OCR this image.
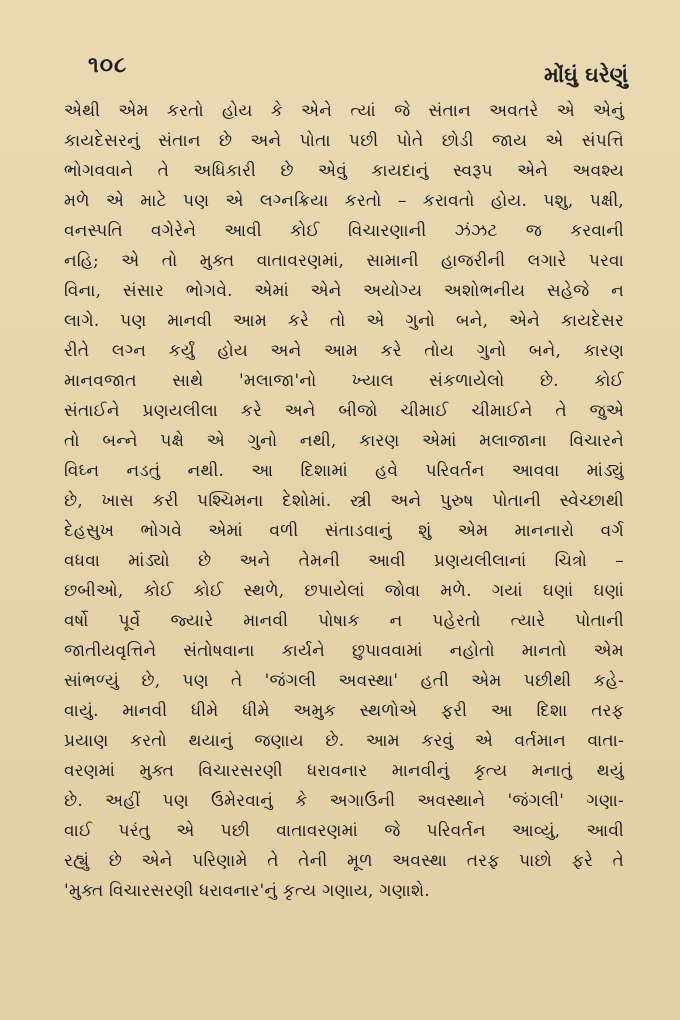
૧૦૮	મોંઘું ઘરેણું
એથી એમ કરતો હોય કે એને ત્યાં જે સંતાન અવતરે એ એનું
કાયદેસરનું સંતાન છે અને પોતા પછી પોતે છોડી જાય એ સંપત્તિ
ભોગવવાને તે અધિકારી છે એવું કાયદાનું સ્વરૂપ એને અવશ્ય
મળે એ માટે પણ એ લગ્નક્રિયા કરતો – કરાવતો હોય. પશુ, પક્ષી,
વનસ્પતિ વગેરેને આવી કોઈ વિચારણાની ઝંઝટ જ કરવાની
નહિ; એ તો મુક્ત વાતાવરણમાં, સામાની હાજરીની લગારે પરવા
વિના, સંસાર ભોગવે. એમાં એને અયોગ્ય અશોભનીય સહેજે ન
લાગે. પણ માનવી આમ કરે તો એ ગુનો બને, એને કાયદેસર
રીતે લગ્ન કર્યું હોય અને આમ કરે તોય ગુનો બને, કારણ
માનવજાત સાથે 'મલાજા'નો ખ્યાલ સંકળાયેલો છે. કોઈ
સંતાઈને પ્રણયલીલા કરે અને બીજો ચીમાઈ ચીમાઈને તે જુએ
તો બન્ને પક્ષે એ ગુનો નથી, કારણ એમાં મલાજાના વિચારને
વિઘ્ન નડતું નથી. આ દિશામાં હવે પરિવર્તન આવવા માંડ્યું
છે, ખાસ કરી પશ્ચિમના દેશોમાં. સ્ત્રી અને પુરુષ પોતાની સ્વેચ્છાથી
દેહસુખ ભોગવે એમાં વળી સંતાડવાનું શું એમ માનનારો વર્ગ
વધવા માંડ્યો છે અને તેમની આવી પ્રણયલીલાનાં ચિત્રો –
છબીઓ, કોઈ કોઈ સ્થળે, છપાયેલાં જોવા મળે. ગયાં ઘણાં ઘણાં
વર્ષો પૂર્વે જ્યારે માનવી પોષાક ન પહેરતો ત્યારે પોતાની
જાતીયવૃત્તિને સંતોષવાના કાર્યને છુપાવવામાં નહોતો માનતો એમ
સાંભળ્યું છે, પણ તે 'જંગલી અવસ્થા' હતી એમ પછીથી કહે-
વાયું. માનવી ધીમે ધીમે અમુક સ્થળોએ ફરી આ દિશા તરફ
પ્રયાણ કરતો થયાનું જણાય છે. આમ કરવું એ વર્તમાન વાતા-
વરણમાં મુક્ત વિચારસરણી ધરાવનાર માનવીનું કૃત્ય મનાતું થયું
છે. અહીં પણ ઉમેરવાનું કે અગાઉની અવસ્થાને 'જંગલી' ગણા-
વાઈ પરંતુ એ પછી વાતાવરણમાં જે પરિવર્તન આવ્યું, આવી
રહ્યું છે એને પરિણામે તે તેની મૂળ અવસ્થા તરફ પાછો ફરે તે
'મુક્ત વિચારસરણી ધરાવનાર'નું કૃત્ય ગણાય, ગણાશે.
